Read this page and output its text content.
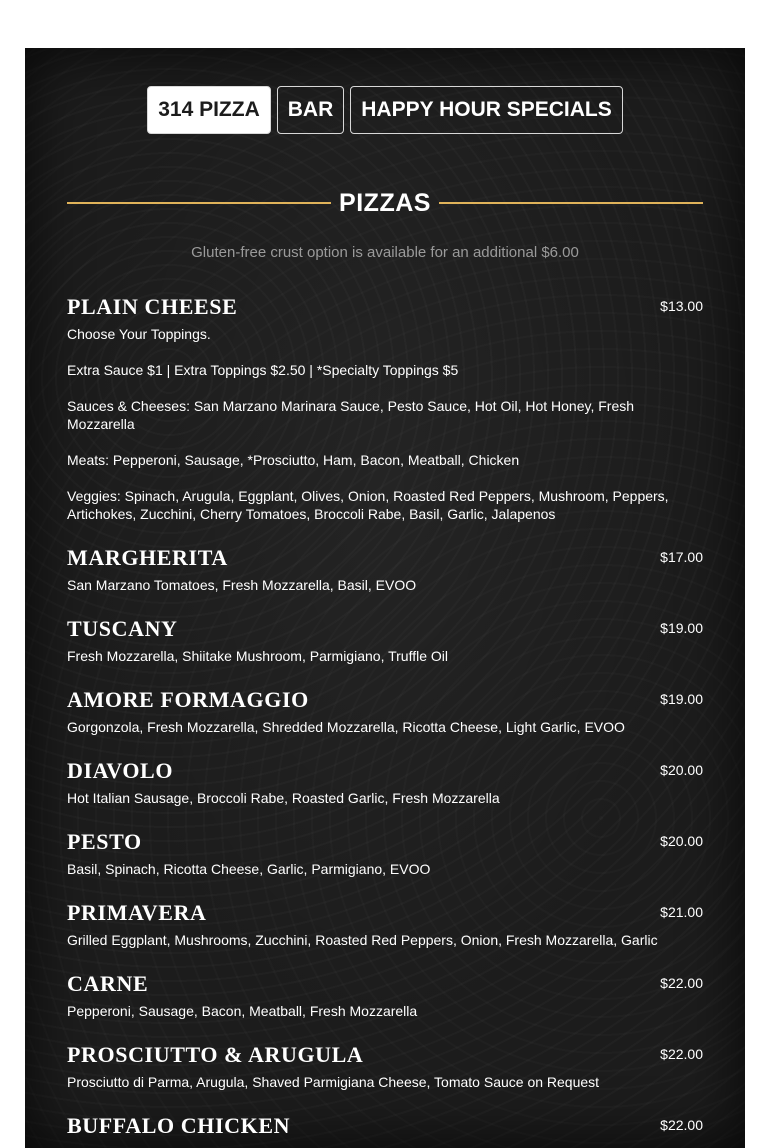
314 PIZZA	BAR	HAPPY HOUR SPECIALS
PIZZAS
Gluten-free crust option is available for an additional $6.00
PLAIN CHEESE	$13.00
Choose Your Toppings.
Extra Sauce $1 | Extra Toppings $2.50 | *Specialty Toppings $5
Sauces & Cheeses: San Marzano Marinara Sauce, Pesto Sauce, Hot Oil, Hot Honey, Fresh Mozzarella
Meats: Pepperoni, Sausage, *Prosciutto, Ham, Bacon, Meatball, Chicken
Veggies: Spinach, Arugula, Eggplant, Olives, Onion, Roasted Red Peppers, Mushroom, Peppers, Artichokes, Zucchini, Cherry Tomatoes, Broccoli Rabe, Basil, Garlic, Jalapenos
MARGHERITA	$17.00
San Marzano Tomatoes, Fresh Mozzarella, Basil, EVOO
TUSCANY	$19.00
Fresh Mozzarella, Shiitake Mushroom, Parmigiano, Truffle Oil
AMORE FORMAGGIO	$19.00
Gorgonzola, Fresh Mozzarella, Shredded Mozzarella, Ricotta Cheese, Light Garlic, EVOO
DIAVOLO	$20.00
Hot Italian Sausage, Broccoli Rabe, Roasted Garlic, Fresh Mozzarella
PESTO	$20.00
Basil, Spinach, Ricotta Cheese, Garlic, Parmigiano, EVOO
PRIMAVERA	$21.00
Grilled Eggplant, Mushrooms, Zucchini, Roasted Red Peppers, Onion, Fresh Mozzarella, Garlic
CARNE	$22.00
Pepperoni, Sausage, Bacon, Meatball, Fresh Mozzarella
PROSCIUTTO & ARUGULA	$22.00
Prosciutto di Parma, Arugula, Shaved Parmigiana Cheese, Tomato Sauce on Request
BUFFALO CHICKEN	$22.00
